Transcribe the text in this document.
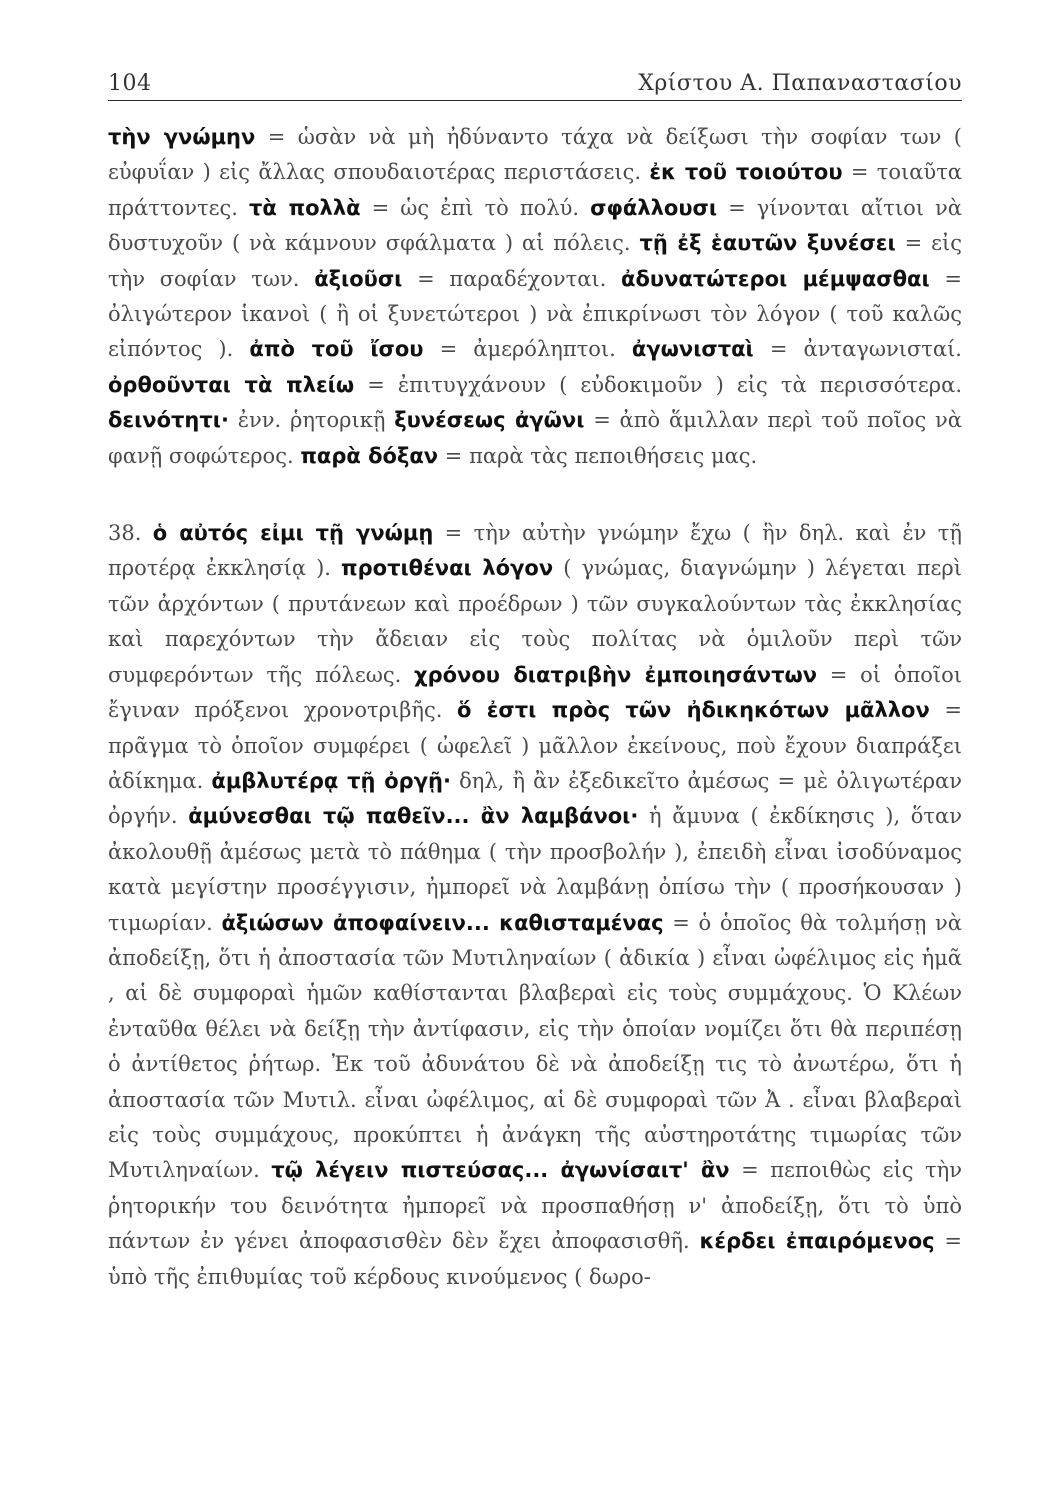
104	Χρίστου Α. Παπαναστασίου

τὴν γνώμην = ὡσὰν νὰ μὴ ἠδύναντο τάχα νὰ δείξωσι τὴν σοφίαν των ( εὐφυΐαν ) εἰς ἄλλας σπουδαιοτέρας περιστάσεις. ἐκ τοῦ τοιούτου = τοιαῦτα πράττοντες. τὰ πολλὰ = ὡς ἐπὶ τὸ πολύ. σφάλλουσι = γίνονται αἴτιοι νὰ δυστυχοῦν ( νὰ κάμνουν σφάλματα ) αἱ πόλεις. τῇ ἐξ ἑαυτῶν ξυνέσει = εἰς τὴν σοφίαν των. ἀξιοῦσι = παραδέχονται. ἀδυνατώτεροι μέμψασθαι = ὀλιγώτερον ἱκανοὶ ( ἢ οἱ ξυνετώτεροι ) νὰ ἐπικρίνωσι τὸν λόγον ( τοῦ καλῶς εἰπόντος ). ἀπὸ τοῦ ἴσου = ἀμερόληπτοι. ἀγωνισταὶ = ἀνταγωνισταί. ὀρθοῦνται τὰ πλείω = ἐπιτυγχάνουν ( εὐδοκιμοῦν ) εἰς τὰ περισσότερα. δεινότητι· ἐνν. ῥητορικῇ ξυνέσεως ἀγῶνι = ἀπὸ ἅμιλλαν περὶ τοῦ ποῖος νὰ φανῇ σοφώτερος. παρὰ δόξαν = παρὰ τὰς πεποιθήσεις μας.

38. ὁ αὐτός εἰμι τῇ γνώμῃ = τὴν αὐτὴν γνώμην ἔχω ( ἣν δηλ. καὶ ἐν τῇ προτέρᾳ ἐκκλησίᾳ ). προτιθέναι λόγον ( γνώμας, διαγνώμην ) λέγεται περὶ τῶν ἀρχόντων ( πρυτάνεων καὶ προέδρων ) τῶν συγκαλούντων τὰς ἐκκλησίας καὶ παρεχόντων τὴν ἄδειαν εἰς τοὺς πολίτας νὰ ὁμιλοῦν περὶ τῶν συμφερόντων τῆς πόλεως. χρόνου διατριβὴν ἐμποιησάντων = οἱ ὁποῖοι ἔγιναν πρόξενοι χρονοτριβῆς. ὅ ἐστι πρὸς τῶν ἠδικηκότων μᾶλλον = πρᾶγμα τὸ ὁποῖον συμφέρει ( ὠφελεῖ ) μᾶλλον ἐκείνους, ποὺ ἔχουν διαπράξει ἀδίκημα. ἀμβλυτέρᾳ τῇ ὀργῇ· δηλ, ἢ ἂν ἐξεδικεῖτο ἀμέσως = μὲ ὀλιγωτέραν ὀργήν. ἀμύνεσθαι τῷ παθεῖν... ἂν λαμβάνοι· ἡ ἄμυνα ( ἐκδίκησις ), ὅταν ἀκολουθῇ ἀμέσως μετὰ τὸ πάθημα ( τὴν προσβολήν ), ἐπειδὴ εἶναι ἰσοδύναμος κατὰ μεγίστην προσέγγισιν, ἠμπορεῖ νὰ λαμβάνῃ ὀπίσω τὴν ( προσήκουσαν ) τιμωρίαν. ἀξιώσων ἀποφαίνειν... καθισταμένας = ὁ ὁποῖος θὰ τολμήσῃ νὰ ἀποδείξῃ, ὅτι ἡ ἀποστασία τῶν Μυτιληναίων ( ἀδικία ) εἶναι ὠφέλιμος εἰς ἡμᾶ , αἱ δὲ συμφοραὶ ἡμῶν καθίστανται βλαβεραὶ εἰς τοὺς συμμάχους. Ὁ Κλέων ἐνταῦθα θέλει νὰ δείξῃ τὴν ἀντίφασιν, εἰς τὴν ὁποίαν νομίζει ὅτι θὰ περιπέσῃ ὁ ἀντίθετος ῥήτωρ. Ἐκ τοῦ ἀδυνάτου δὲ νὰ ἀποδείξῃ τις τὸ ἀνωτέρω, ὅτι ἡ ἀποστασία τῶν Μυτιλ. εἶναι ὠφέλιμος, αἱ δὲ συμφοραὶ τῶν Ἀ . εἶναι βλαβεραὶ εἰς τοὺς συμμάχους, προκύπτει ἡ ἀνάγκη τῆς αὐστηροτάτης τιμωρίας τῶν Μυτιληναίων. τῷ λέγειν πιστεύσας... ἀγωνίσαιτ' ἂν = πεποιθὼς εἰς τὴν ῥητορικήν του δεινότητα ἠμπορεῖ νὰ προσπαθήσῃ ν' ἀποδείξῃ, ὅτι τὸ ὑπὸ πάντων ἐν γένει ἀποφασισθὲν δὲν ἔχει ἀποφασισθῆ. κέρδει ἐπαιρόμενος = ὑπὸ τῆς ἐπιθυμίας τοῦ κέρδους κινούμενος ( δωρο-
